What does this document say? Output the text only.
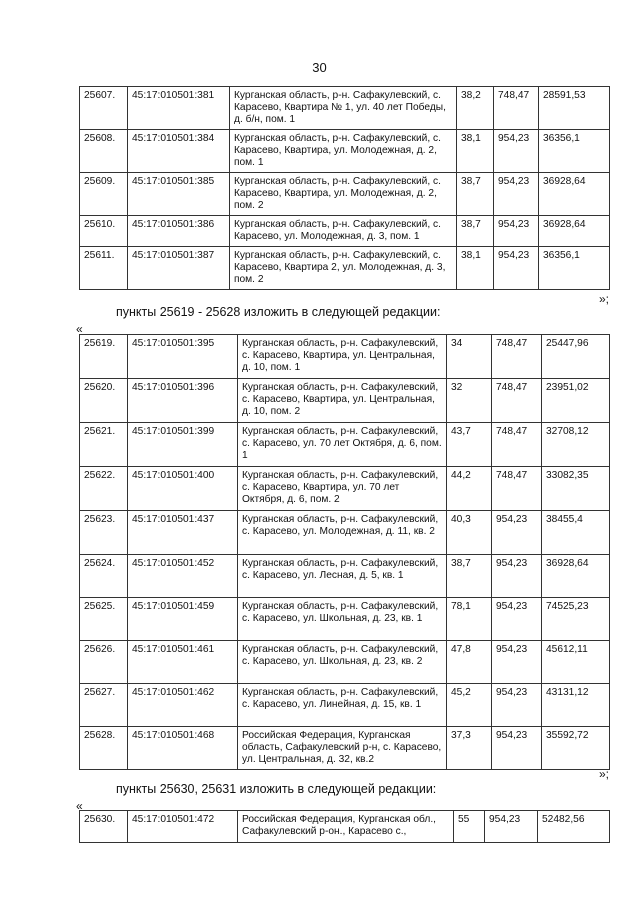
30
25607.	45:17:010501:381	Курганская область, р-н. Сафакулевский, с. Карасево, Квартира № 1, ул. 40 лет Победы, д. б/н, пом. 1	38,2	748,47	28591,53
25608.	45:17:010501:384	Курганская область, р-н. Сафакулевский, с. Карасево, Квартира, ул. Молодежная, д. 2, пом. 1	38,1	954,23	36356,1
25609.	45:17:010501:385	Курганская область, р-н. Сафакулевский, с. Карасево, Квартира, ул. Молодежная, д. 2, пом. 2	38,7	954,23	36928,64
25610.	45:17:010501:386	Курганская область, р-н. Сафакулевский, с. Карасево, ул. Молодежная, д. 3, пом. 1	38,7	954,23	36928,64
25611.	45:17:010501:387	Курганская область, р-н. Сафакулевский, с. Карасево, Квартира 2, ул. Молодежная, д. 3, пом. 2	38,1	954,23	36356,1
»;
пункты 25619 - 25628 изложить в следующей редакции:
«
25619.	45:17:010501:395	Курганская область, р-н. Сафакулевский, с. Карасево, Квартира, ул. Центральная, д. 10, пом. 1	34	748,47	25447,96
25620.	45:17:010501:396	Курганская область, р-н. Сафакулевский, с. Карасево, Квартира, ул. Центральная, д. 10, пом. 2	32	748,47	23951,02
25621.	45:17:010501:399	Курганская область, р-н. Сафакулевский, с. Карасево, ул. 70 лет Октября, д. 6, пом. 1	43,7	748,47	32708,12
25622.	45:17:010501:400	Курганская область, р-н. Сафакулевский, с. Карасево, Квартира, ул. 70 лет Октября, д. 6, пом. 2	44,2	748,47	33082,35
25623.	45:17:010501:437	Курганская область, р-н. Сафакулевский, с. Карасево, ул. Молодежная, д. 11, кв. 2	40,3	954,23	38455,4
25624.	45:17:010501:452	Курганская область, р-н. Сафакулевский, с. Карасево, ул. Лесная, д. 5, кв. 1	38,7	954,23	36928,64
25625.	45:17:010501:459	Курганская область, р-н. Сафакулевский, с. Карасево, ул. Школьная, д. 23, кв. 1	78,1	954,23	74525,23
25626.	45:17:010501:461	Курганская область, р-н. Сафакулевский, с. Карасево, ул. Школьная, д. 23, кв. 2	47,8	954,23	45612,11
25627.	45:17:010501:462	Курганская область, р-н. Сафакулевский, с. Карасево, ул. Линейная, д. 15, кв. 1	45,2	954,23	43131,12
25628.	45:17:010501:468	Российская Федерация, Курганская область, Сафакулевский р-н, с. Карасево, ул. Центральная, д. 32, кв.2	37,3	954,23	35592,72
»;
пункты 25630, 25631 изложить в следующей редакции:
«
25630.	45:17:010501:472	Российская Федерация, Курганская обл., Сафакулевский р-он., Карасево с.,	55	954,23	52482,56
